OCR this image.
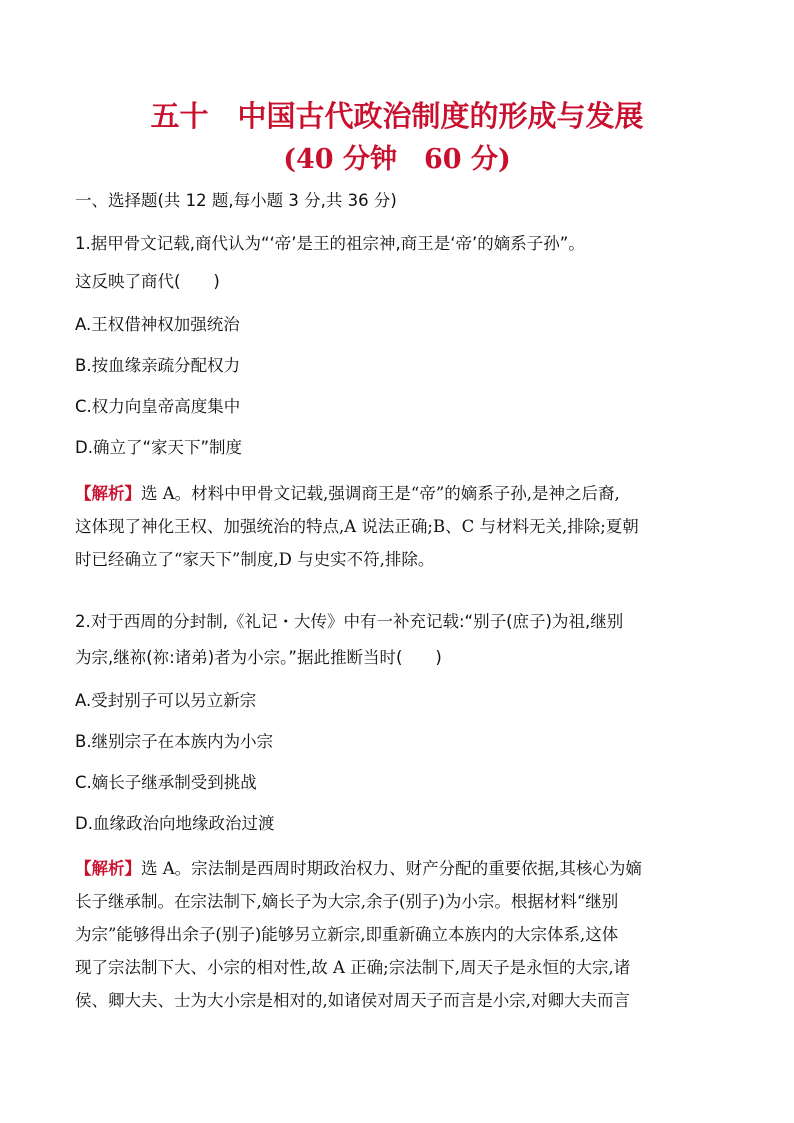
五十　中国古代政治制度的形成与发展
(40 分钟　60 分)
一、选择题(共 12 题,每小题 3 分,共 36 分)
1.据甲骨文记载,商代认为“‘帝’是王的祖宗神,商王是‘帝’的嫡系子孙”。
这反映了商代(　　)
A.王权借神权加强统治
B.按血缘亲疏分配权力
C.权力向皇帝高度集中
D.确立了“家天下”制度
【解析】选 A。材料中甲骨文记载,强调商王是“帝”的嫡系子孙,是神之后裔,
这体现了神化王权、加强统治的特点,A 说法正确;B、C 与材料无关,排除;夏朝
时已经确立了“家天下”制度,D 与史实不符,排除。
2.对于西周的分封制,《礼记・大传》中有一补充记载:“别子(庶子)为祖,继别
为宗,继祢(祢:诸弟)者为小宗。”据此推断当时(　　)
A.受封别子可以另立新宗
B.继别宗子在本族内为小宗
C.嫡长子继承制受到挑战
D.血缘政治向地缘政治过渡
【解析】选 A。宗法制是西周时期政治权力、财产分配的重要依据,其核心为嫡
长子继承制。在宗法制下,嫡长子为大宗,余子(别子)为小宗。根据材料“继别
为宗”能够得出余子(别子)能够另立新宗,即重新确立本族内的大宗体系,这体
现了宗法制下大、小宗的相对性,故 A 正确;宗法制下,周天子是永恒的大宗,诸
侯、卿大夫、士为大小宗是相对的,如诸侯对周天子而言是小宗,对卿大夫而言
